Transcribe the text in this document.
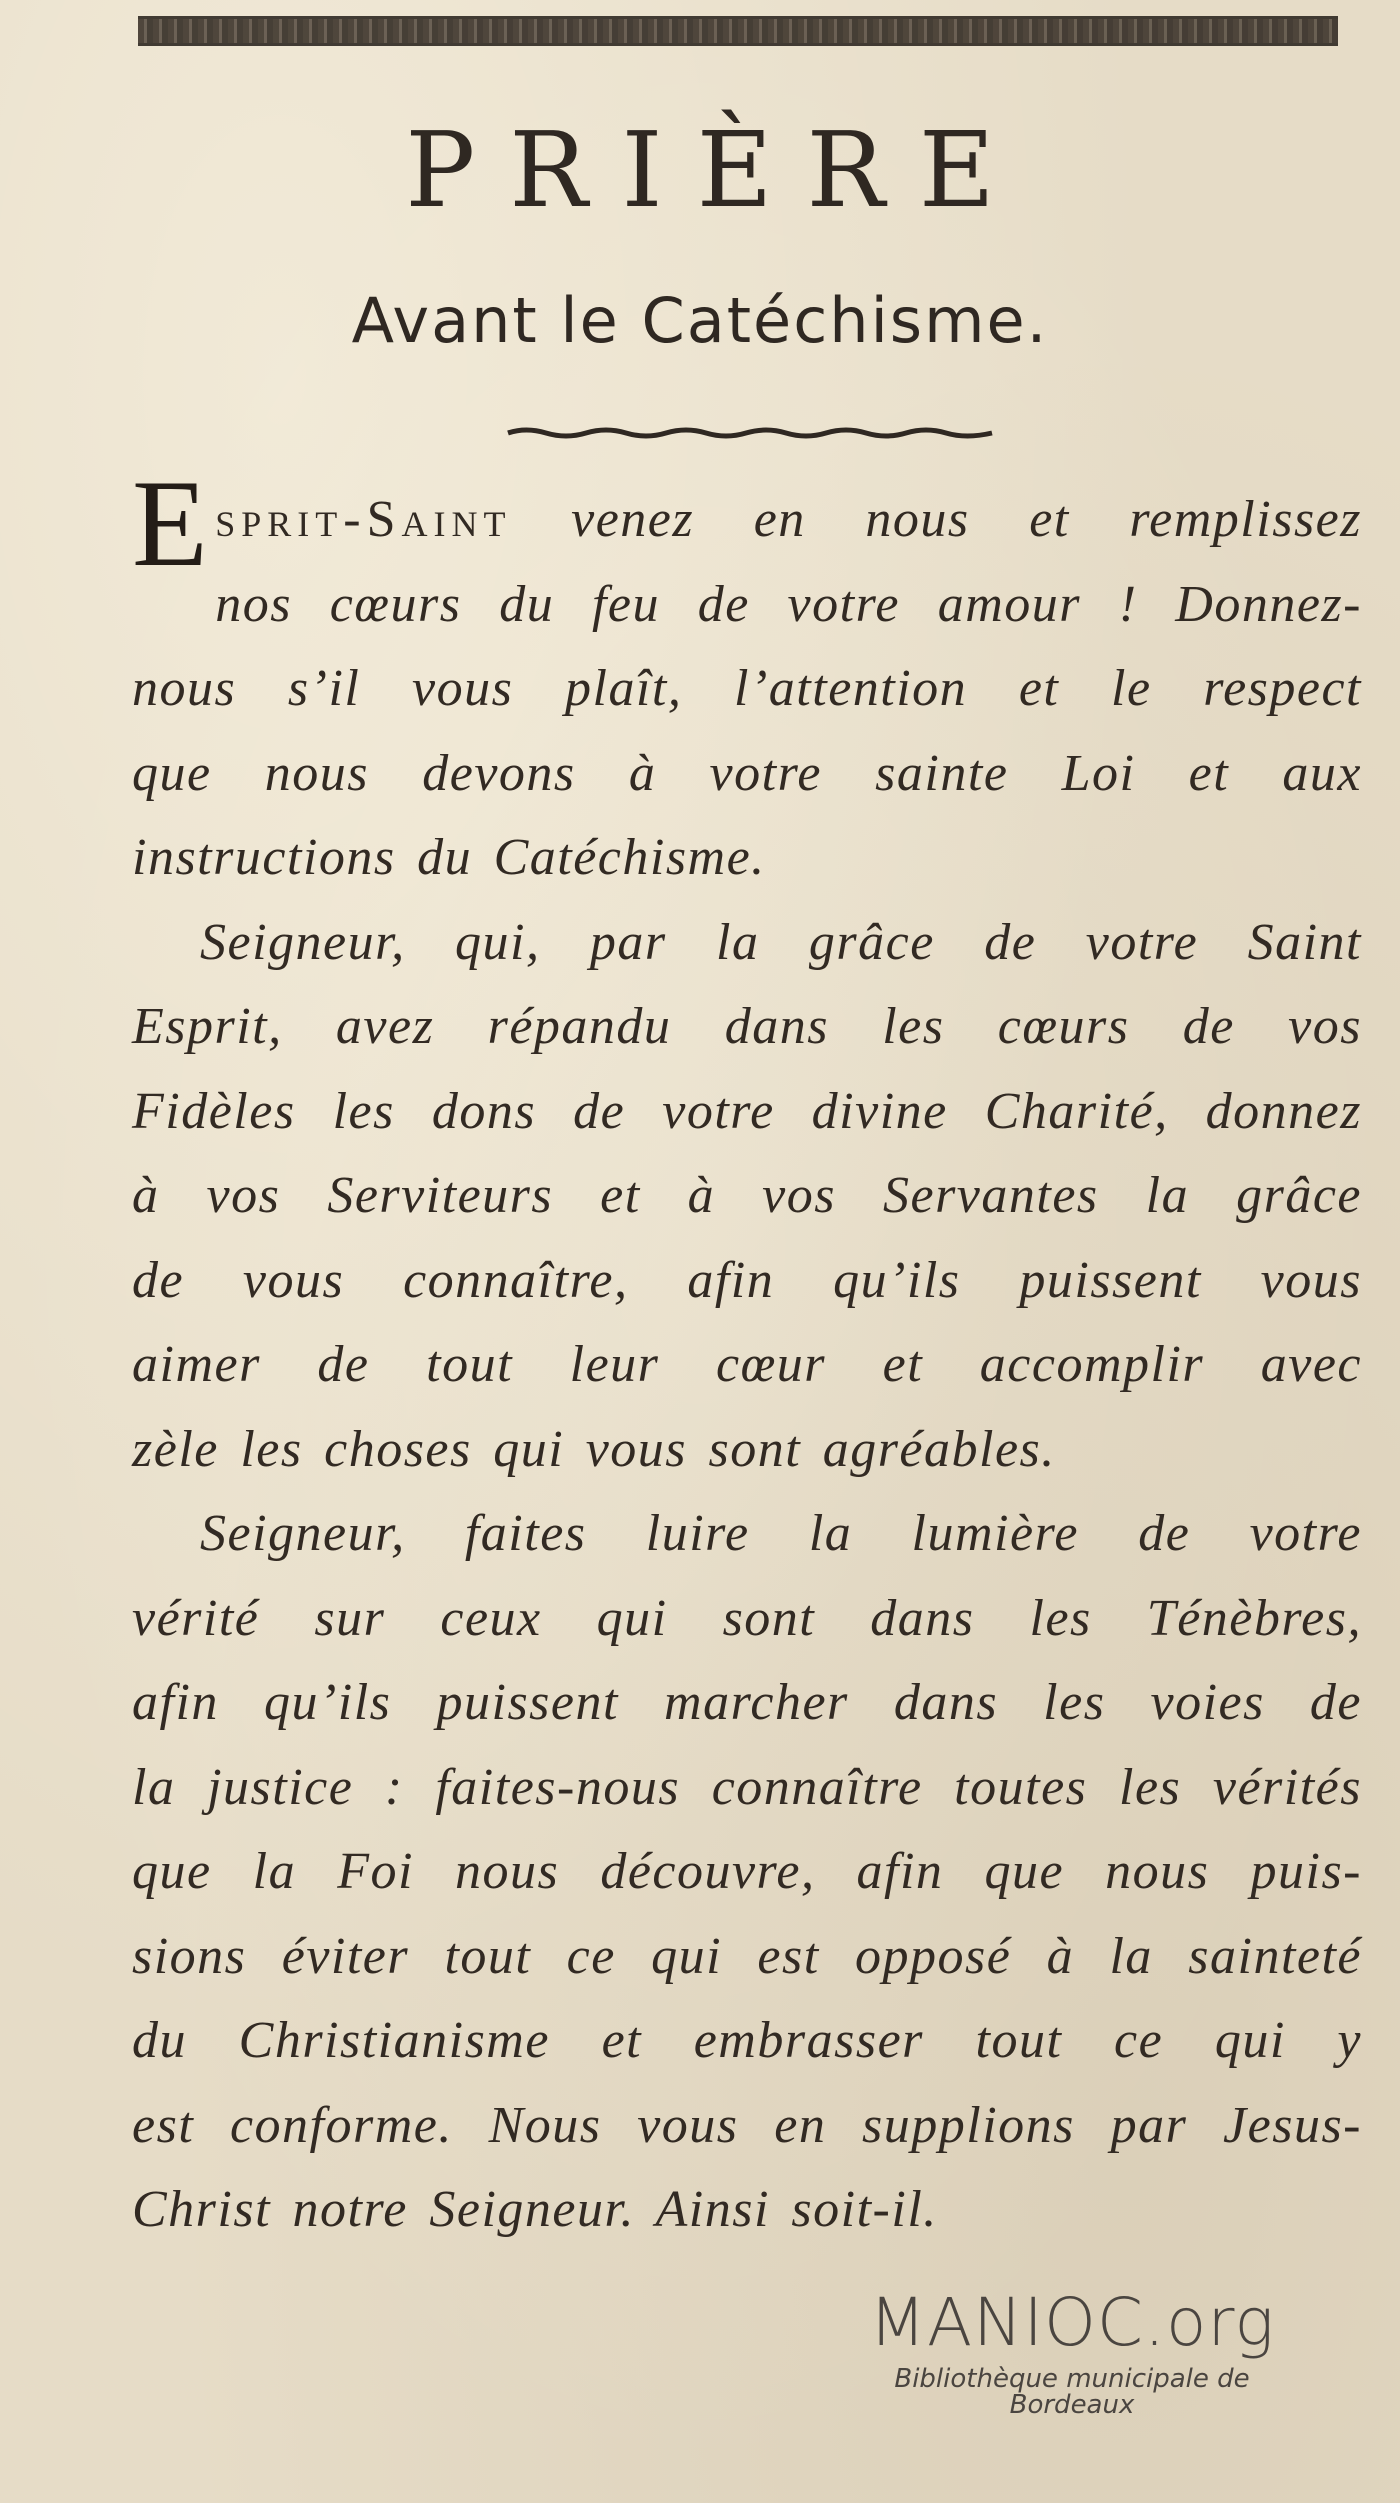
PRIÈRE
Avant le Catéchisme.
Esprit-Saint venez en nous et remplissez
nos cœurs du feu de votre amour ! Donnez-
nous s’il vous plaît, l’attention et le respect
que nous devons à votre sainte Loi et aux
instructions du Catéchisme.
Seigneur, qui, par la grâce de votre Saint
Esprit, avez répandu dans les cœurs de vos
Fidèles les dons de votre divine Charité, donnez
à vos Serviteurs et à vos Servantes la grâce
de vous connaître, afin qu’ils puissent vous
aimer de tout leur cœur et accomplir avec
zèle les choses qui vous sont agréables.
Seigneur, faites luire la lumière de votre
vérité sur ceux qui sont dans les Ténèbres,
afin qu’ils puissent marcher dans les voies de
la justice : faites-nous connaître toutes les vérités
que la Foi nous découvre, afin que nous puis-
sions éviter tout ce qui est opposé à la sainteté
du Christianisme et embrasser tout ce qui y
est conforme. Nous vous en supplions par Jesus-
Christ notre Seigneur. Ainsi soit-il.
MANIOC.org
Bibliothèque municipale de Bordeaux
